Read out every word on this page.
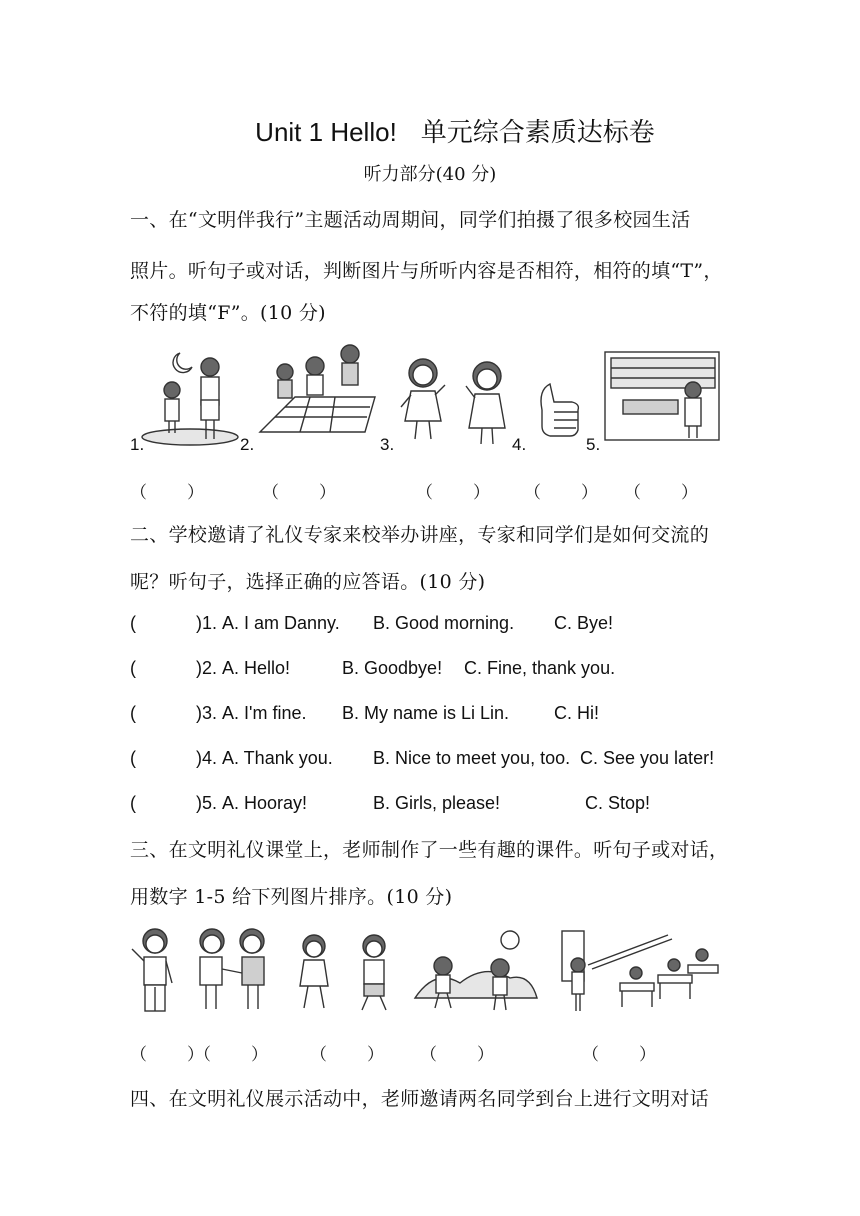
Unit 1 Hello! 单元综合素质达标卷
听力部分(40 分)
一、在“文明伴我行”主题活动周期间，同学们拍摄了很多校园生活
照片。听句子或对话，判断图片与所听内容是否相符，相符的填“T”，
不符的填“F”。(10 分)
1.	2.	3.	4.	5.
（　　）	（　　）	（　　） （　　） （　　）
二、学校邀请了礼仪专家来校举办讲座，专家和同学们是如何交流的
呢？听句子，选择正确的应答语。(10 分)
(	)1. A. I am Danny. B. Good morning. C. Bye!
(	)2. A. Hello!	B. Goodbye! C. Fine, thank you.
(	)3. A. I'm fine. B. My name is Li Lin. C. Hi!
(	)4. A. Thank you. B. Nice to meet you, too. C. See you later!
(	)5. A. Hooray!	B. Girls, please!	C. Stop!
三、在文明礼仪课堂上，老师制作了一些有趣的课件。听句子或对话，
用数字 1-5 给下列图片排序。(10 分)
（　　）
（　　） （　　） （　　）	（　　）
四、在文明礼仪展示活动中，老师邀请两名同学到台上进行文明对话
